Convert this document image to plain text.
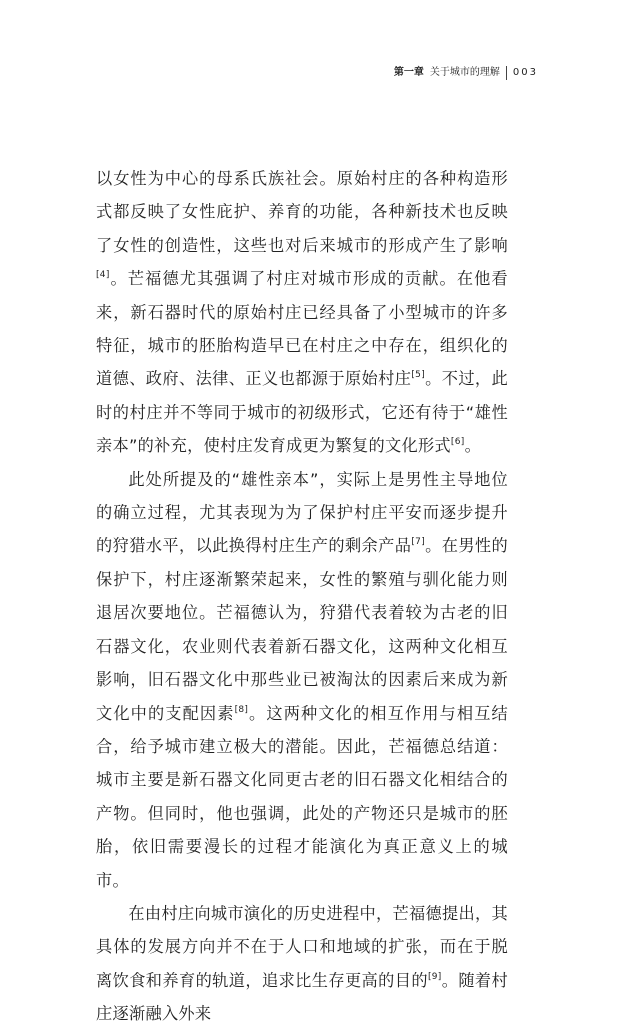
第一章 关于城市的理解 003

以女性为中心的母系氏族社会。原始村庄的各种构造形式都反映了女性庇护、养育的功能，各种新技术也反映了女性的创造性，这些也对后来城市的形成产生了影响[4]。芒福德尤其强调了村庄对城市形成的贡献。在他看来，新石器时代的原始村庄已经具备了小型城市的许多特征，城市的胚胎构造早已在村庄之中存在，组织化的道德、政府、法律、正义也都源于原始村庄[5]。不过，此时的村庄并不等同于城市的初级形式，它还有待于“雄性亲本”的补充，使村庄发育成更为繁复的文化形式[6]。

此处所提及的“雄性亲本”，实际上是男性主导地位的确立过程，尤其表现为为了保护村庄平安而逐步提升的狩猎水平，以此换得村庄生产的剩余产品[7]。在男性的保护下，村庄逐渐繁荣起来，女性的繁殖与驯化能力则退居次要地位。芒福德认为，狩猎代表着较为古老的旧石器文化，农业则代表着新石器文化，这两种文化相互影响，旧石器文化中那些业已被淘汰的因素后来成为新文化中的支配因素[8]。这两种文化的相互作用与相互结合，给予城市建立极大的潜能。因此，芒福德总结道：城市主要是新石器文化同更古老的旧石器文化相结合的产物。但同时，他也强调，此处的产物还只是城市的胚胎，依旧需要漫长的过程才能演化为真正意义上的城市。

在由村庄向城市演化的历史进程中，芒福德提出，其具体的发展方向并不在于人口和地域的扩张，而在于脱离饮食和养育的轨道，追求比生存更高的目的[9]。随着村庄逐渐融入外来
